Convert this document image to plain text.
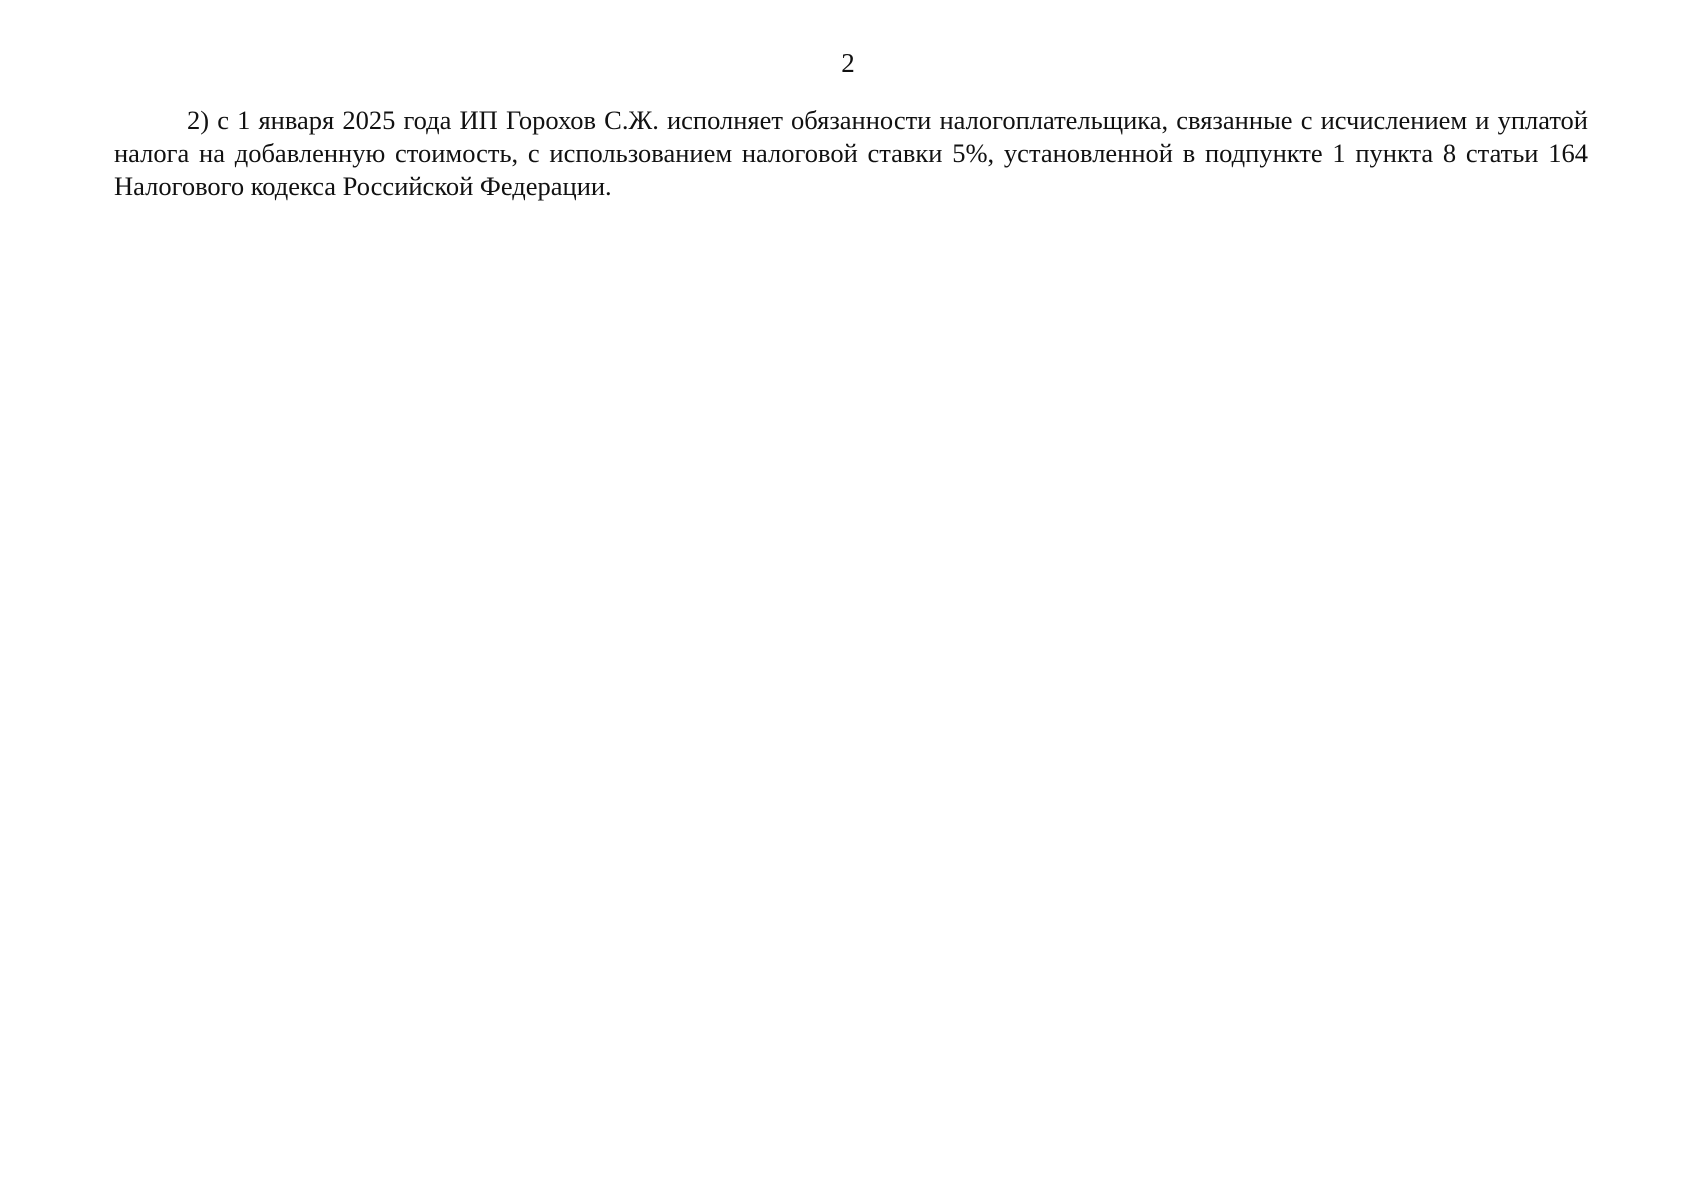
2

2) с 1 января 2025 года ИП Горохов С.Ж. исполняет обязанности налогоплательщика, связанные с исчислением и уплатой налога на добавленную стоимость, с использованием налоговой ставки 5%, установленной в подпункте 1 пункта 8 статьи 164 Налогового кодекса Российской Федерации.
